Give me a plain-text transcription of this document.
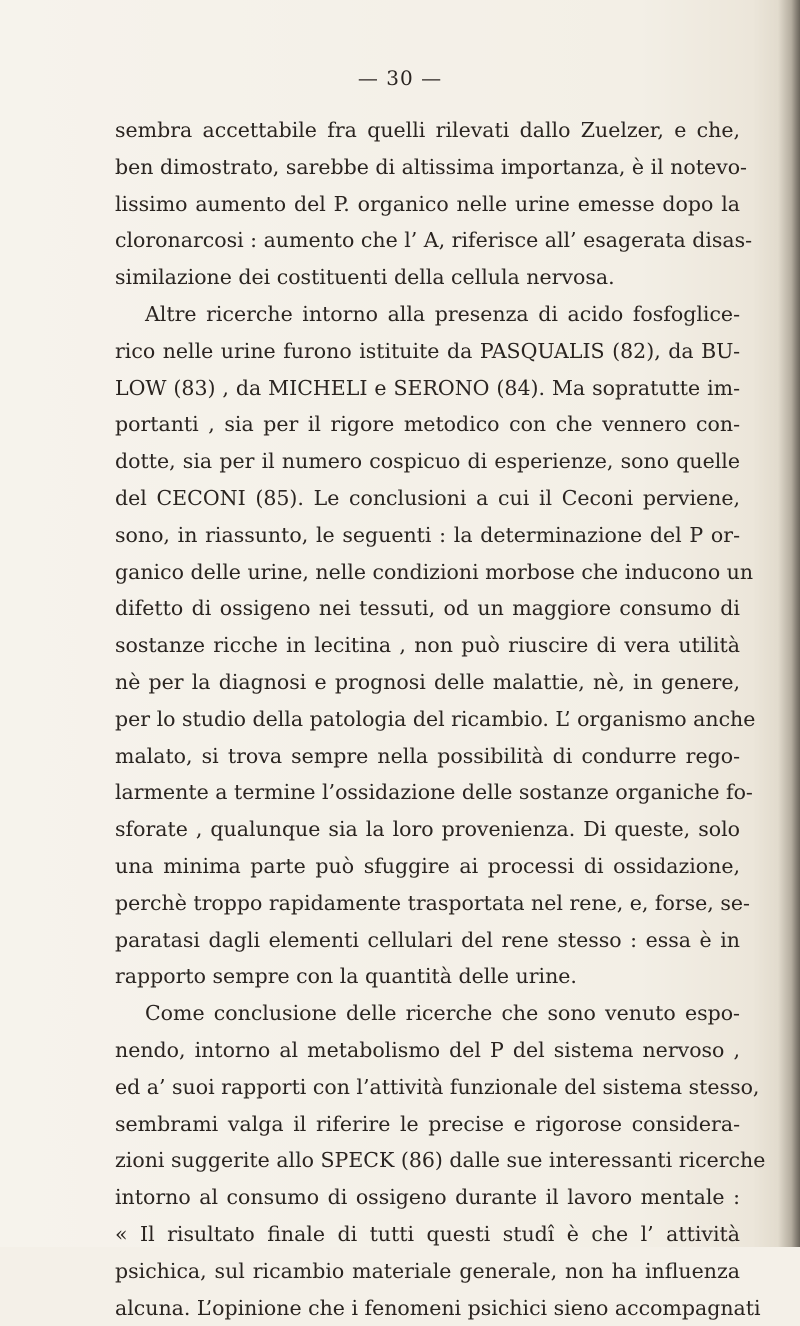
— 30 —
sembra accettabile fra quelli rilevati dallo Zuelzer, e che,
ben dimostrato, sarebbe di altissima importanza, è il notevo-
lissimo aumento del P. organico nelle urine emesse dopo la
cloronarcosi : aumento che l’ A, riferisce all’ esagerata disas-
similazione dei costituenti della cellula nervosa.
Altre ricerche intorno alla presenza di acido fosfoglice-
rico nelle urine furono istituite da PASQUALIS (82), da BU-
LOW (83) , da MICHELI e SERONO (84). Ma sopratutte im-
portanti , sia per il rigore metodico con che vennero con-
dotte, sia per il numero cospicuo di esperienze, sono quelle
del CECONI (85). Le conclusioni a cui il Ceconi perviene,
sono, in riassunto, le seguenti : la determinazione del P or-
ganico delle urine, nelle condizioni morbose che inducono un
difetto di ossigeno nei tessuti, od un maggiore consumo di
sostanze ricche in lecitina , non può riuscire di vera utilità
nè per la diagnosi e prognosi delle malattie, nè, in genere,
per lo studio della patologia del ricambio. L’ organismo anche
malato, si trova sempre nella possibilità di condurre rego-
larmente a termine l’ossidazione delle sostanze organiche fo-
sforate , qualunque sia la loro provenienza. Di queste, solo
una minima parte può sfuggire ai processi di ossidazione,
perchè troppo rapidamente trasportata nel rene, e, forse, se-
paratasi dagli elementi cellulari del rene stesso : essa è in
rapporto sempre con la quantità delle urine.
Come conclusione delle ricerche che sono venuto espo-
nendo, intorno al metabolismo del P del sistema nervoso ,
ed a’ suoi rapporti con l’attività funzionale del sistema stesso,
sembrami valga il riferire le precise e rigorose considera-
zioni suggerite allo SPECK (86) dalle sue interessanti ricerche
intorno al consumo di ossigeno durante il lavoro mentale :
« Il risultato finale di tutti questi studî è che l’ attività
psichica, sul ricambio materiale generale, non ha influenza
alcuna. L’opinione che i fenomeni psichici sieno accompagnati
